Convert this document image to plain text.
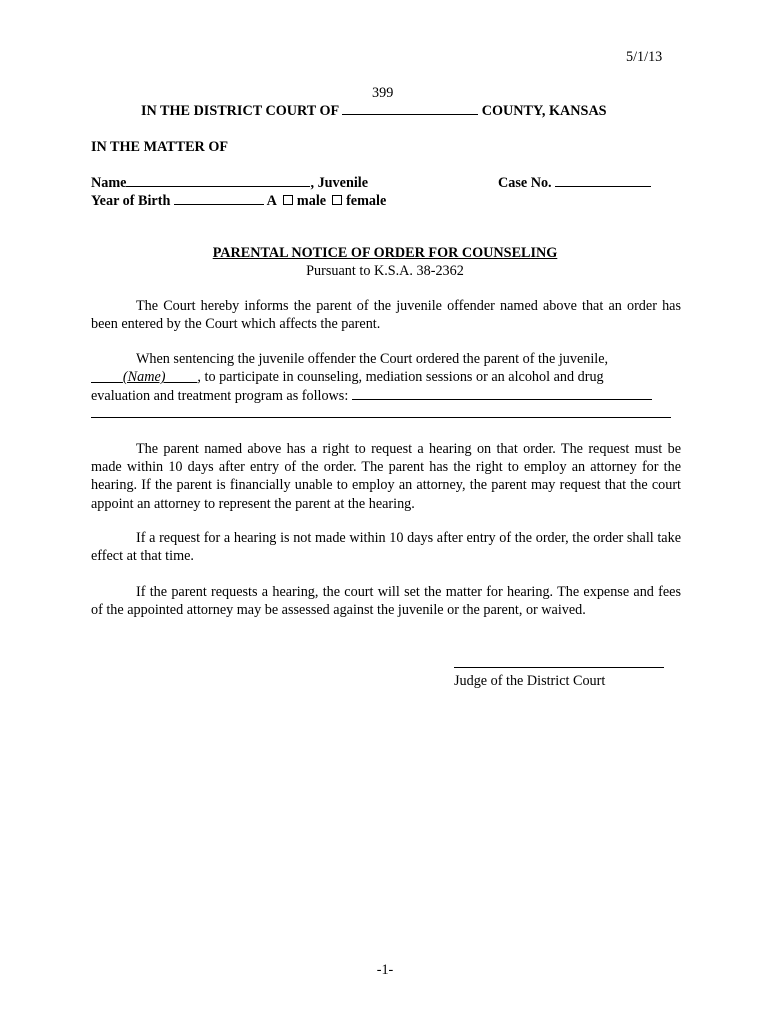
5/1/13
399
IN THE DISTRICT COURT OF	COUNTY, KANSAS
IN THE MATTER OF
Name	, Juvenile	Case No.
Year of Birth	A male female
PARENTAL NOTICE OF ORDER FOR COUNSELING
Pursuant to K.S.A. 38-2362

The Court hereby informs the parent of the juvenile offender named above that an order has been entered by the Court which affects the parent.

When sentencing the juvenile offender the Court ordered the parent of the juvenile,

(Name) , to participate in counseling, mediation sessions or an alcohol and drug

evaluation and treatment program as follows:

The parent named above has a right to request a hearing on that order. The request must be made within 10 days after entry of the order. The parent has the right to employ an attorney for the hearing. If the parent is financially unable to employ an attorney, the parent may request that the court appoint an attorney to represent the parent at the hearing.

If a request for a hearing is not made within 10 days after entry of the order, the order shall take effect at that time.

If the parent requests a hearing, the court will set the matter for hearing. The expense and fees of the appointed attorney may be assessed against the juvenile or the parent, or waived.

Judge of the District Court
-1-
